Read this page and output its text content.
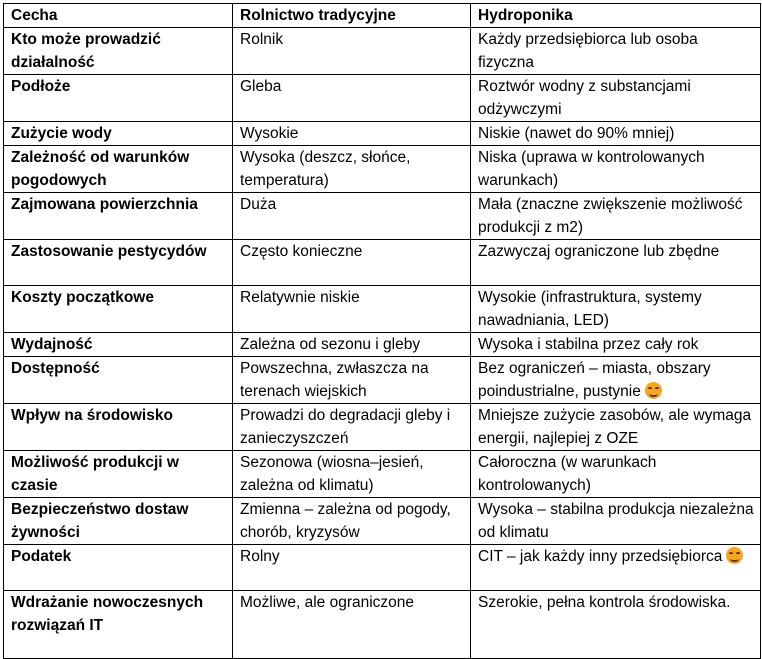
Cecha	Rolnictwo tradycyjne	Hydroponika
Kto może prowadzić działalność	Rolnik	Każdy przedsiębiorca lub osoba fizyczna
Podłoże	Gleba	Roztwór wodny z substancjami odżywczymi
Zużycie wody	Wysokie	Niskie (nawet do 90% mniej)
Zależność od warunków pogodowych	Wysoka (deszcz, słońce, temperatura)	Niska (uprawa w kontrolowanych warunkach)
Zajmowana powierzchnia	Duża	Mała (znaczne zwiększenie możliwość produkcji z m2)
Zastosowanie pestycydów	Często konieczne	Zazwyczaj ograniczone lub zbędne
Koszty początkowe	Relatywnie niskie	Wysokie (infrastruktura, systemy nawadniania, LED)
Wydajność	Zależna od sezonu i gleby	Wysoka i stabilna przez cały rok
Dostępność	Powszechna, zwłaszcza na terenach wiejskich	Bez ograniczeń – miasta, obszary poindustrialne, pustynie

Wpływ na środowisko	Prowadzi do degradacji gleby i zanieczyszczeń	Mniejsze zużycie zasobów, ale wymaga energii, najlepiej z OZE
Możliwość produkcji w czasie	Sezonowa (wiosna–jesień, zależna od klimatu)	Całoroczna (w warunkach kontrolowanych)
Bezpieczeństwo dostaw żywności	Zmienna – zależna od pogody, chorób, kryzysów	Wysoka – stabilna produkcja niezależna od klimatu
Podatek	Rolny	CIT – jak każdy inny przedsiębiorca

Wdrażanie nowoczesnych rozwiązań IT	Możliwe, ale ograniczone	Szerokie, pełna kontrola środowiska.
